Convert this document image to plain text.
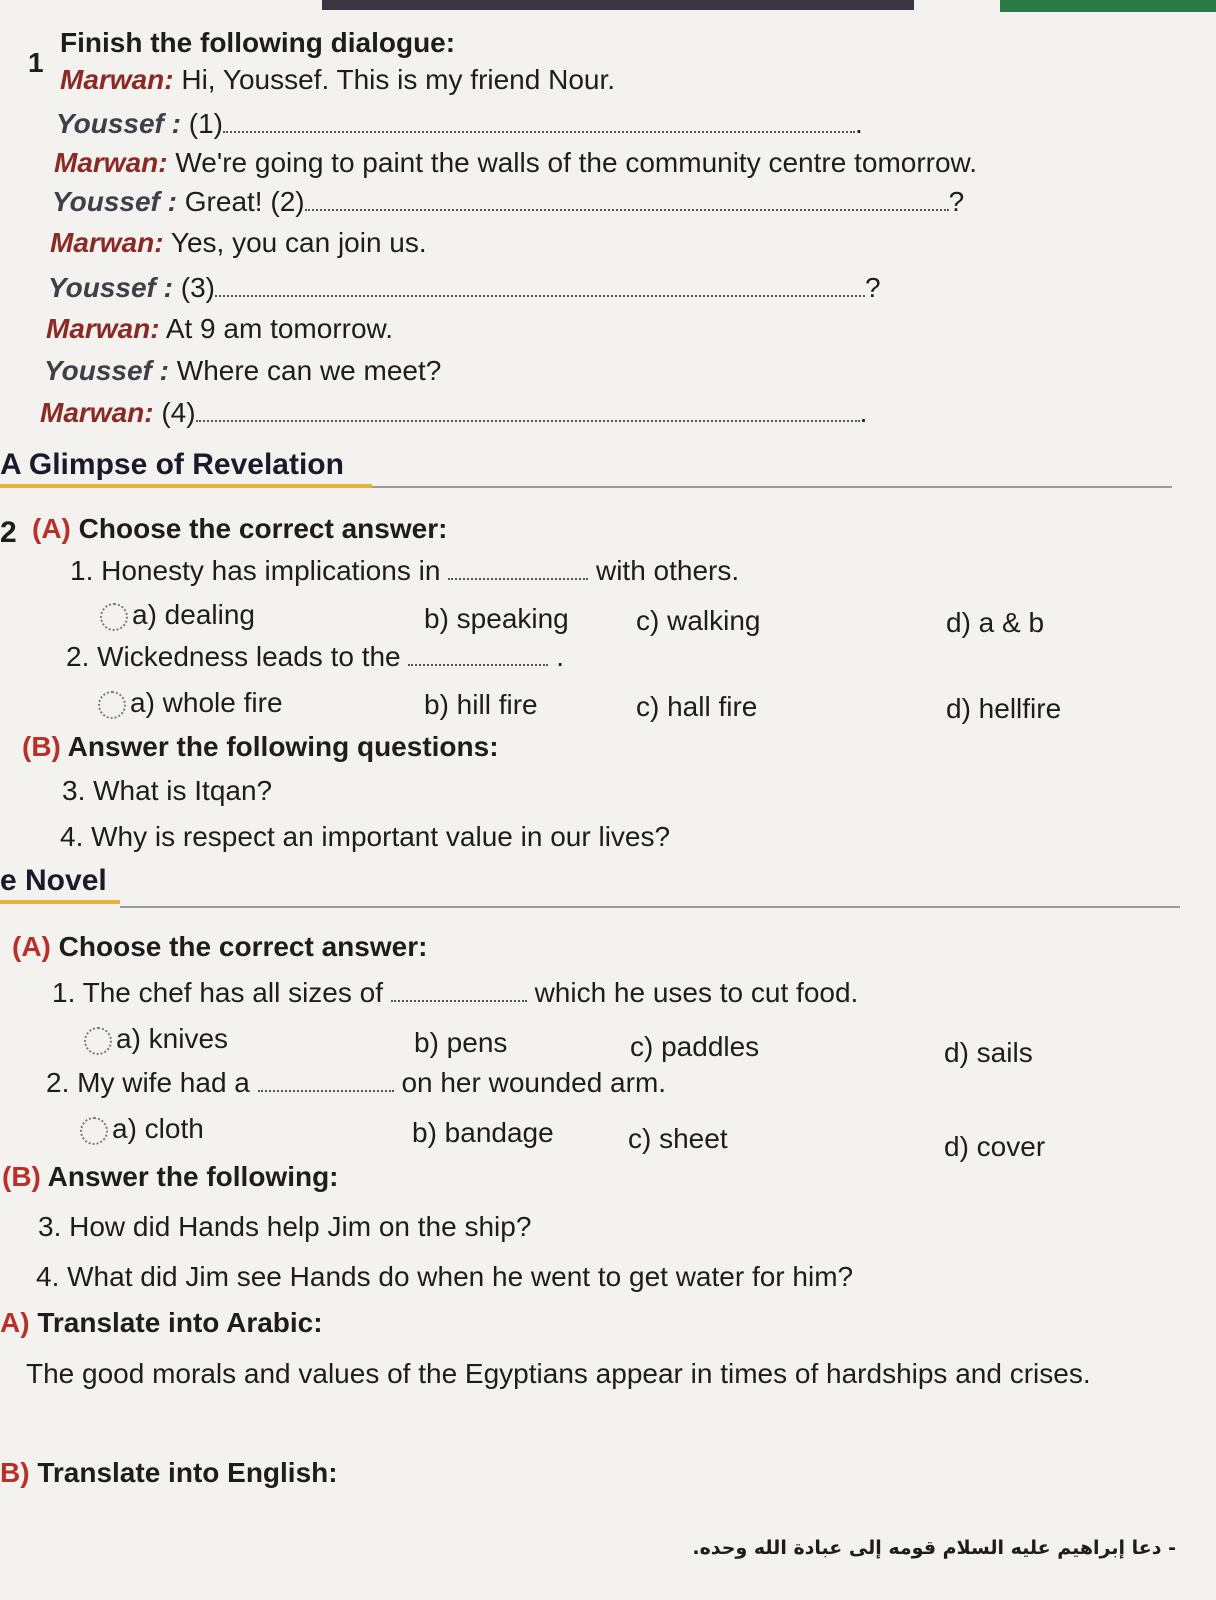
1
Finish the following dialogue:
Marwan: Hi, Youssef. This is my friend Nour.
Youssef : (1)	.
Marwan: We're going to paint the walls of the community centre tomorrow.
Youssef : Great! (2)	?
Marwan: Yes, you can join us.
Youssef : (3)	?
Marwan: At 9 am tomorrow.
Youssef : Where can we meet?
Marwan: (4)	.
A Glimpse of Revelation
2 (A) Choose the correct answer:
1. Honesty has implications in	with others.
a) dealing	b) speaking c) walking	d) a & b
2. Wickedness leads to the	.
a) whole fire	b) hill fire	c) hall fire	d) hellfire
(B) Answer the following questions:
3. What is Itqan?
4. Why is respect an important value in our lives?
e Novel
(A) Choose the correct answer:
1. The chef has all sizes of	which he uses to cut food.
a) knives	b) pens	c) paddles	d) sails
2. My wife had a	on her wounded arm.
a) cloth	b) bandage	c) sheet	d) cover
(B) Answer the following:
3. How did Hands help Jim on the ship?
4. What did Jim see Hands do when he went to get water for him?
A) Translate into Arabic:
The good morals and values of the Egyptians appear in times of hardships and crises.
B) Translate into English:
- دعا إبراهيم عليه السلام قومه إلى عبادة الله وحده.
